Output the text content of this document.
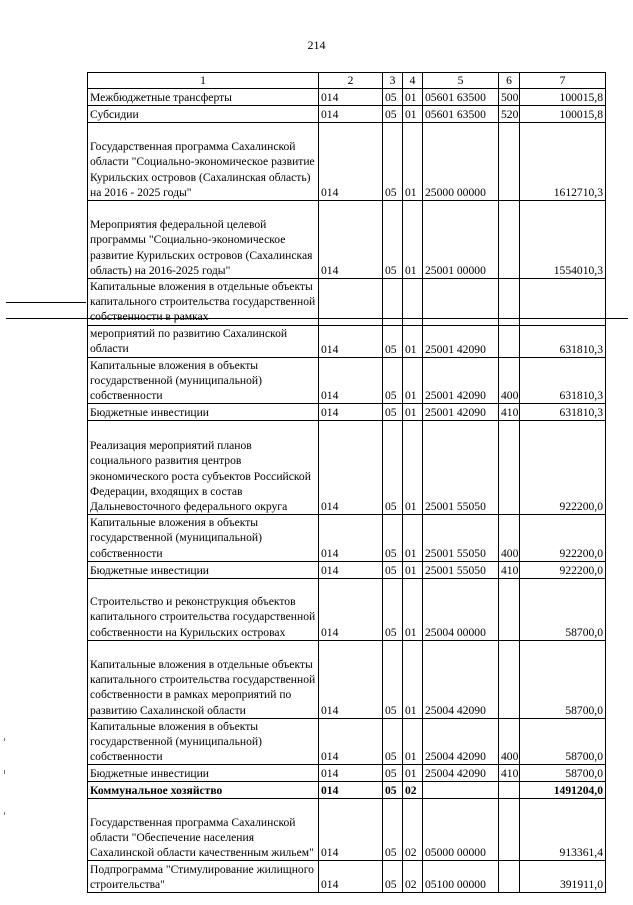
214
1	2	3	4	5	6	7
Межбюджетные трансферты	014	05	01	05601 63500	500	100015,8
Субсидии	014	05	01	05601 63500	520	100015,8
Государственная программа Сахалинской области "Социально-экономическое развитие Курильских островов (Сахалинская область) на 2016 - 2025 годы"	014	05	01	25000 00000		1612710,3
Мероприятия федеральной целевой программы "Социально-экономическое развитие Курильских островов (Сахалинская область) на 2016-2025 годы"	014	05	01	25001 00000		1554010,3
Капитальные вложения в отдельные объекты капитального строительства государственной собственности в рамках						
мероприятий по развитию Сахалинской области	014	05	01	25001 42090		631810,3
Капитальные вложения в объекты государственной (муниципальной) собственности	014	05	01	25001 42090	400	631810,3
Бюджетные инвестиции	014	05	01	25001 42090	410	631810,3
Реализация мероприятий планов социального развития центров экономического роста субъектов Российской Федерации, входящих в состав Дальневосточного федерального округа	014	05	01	25001 55050		922200,0
Капитальные вложения в объекты государственной (муниципальной) собственности	014	05	01	25001 55050	400	922200,0
Бюджетные инвестиции	014	05	01	25001 55050	410	922200,0
Строительство и реконструкция объектов капитального строительства государственной собственности на Курильских островах	014	05	01	25004 00000		58700,0
Капитальные вложения в отдельные объекты капитального строительства государственной собственности в рамках мероприятий по развитию Сахалинской области	014	05	01	25004 42090		58700,0
Капитальные вложения в объекты государственной (муниципальной) собственности	014	05	01	25004 42090	400	58700,0
Бюджетные инвестиции	014	05	01	25004 42090	410	58700,0
Коммунальное хозяйство	014	05	02			1491204,0
Государственная программа Сахалинской области "Обеспечение населения Сахалинской области качественным жильем"	014	05	02	05000 00000		913361,4
Подпрограмма "Стимулирование жилищного строительства"	014	05	02	05100 00000		391911,0
